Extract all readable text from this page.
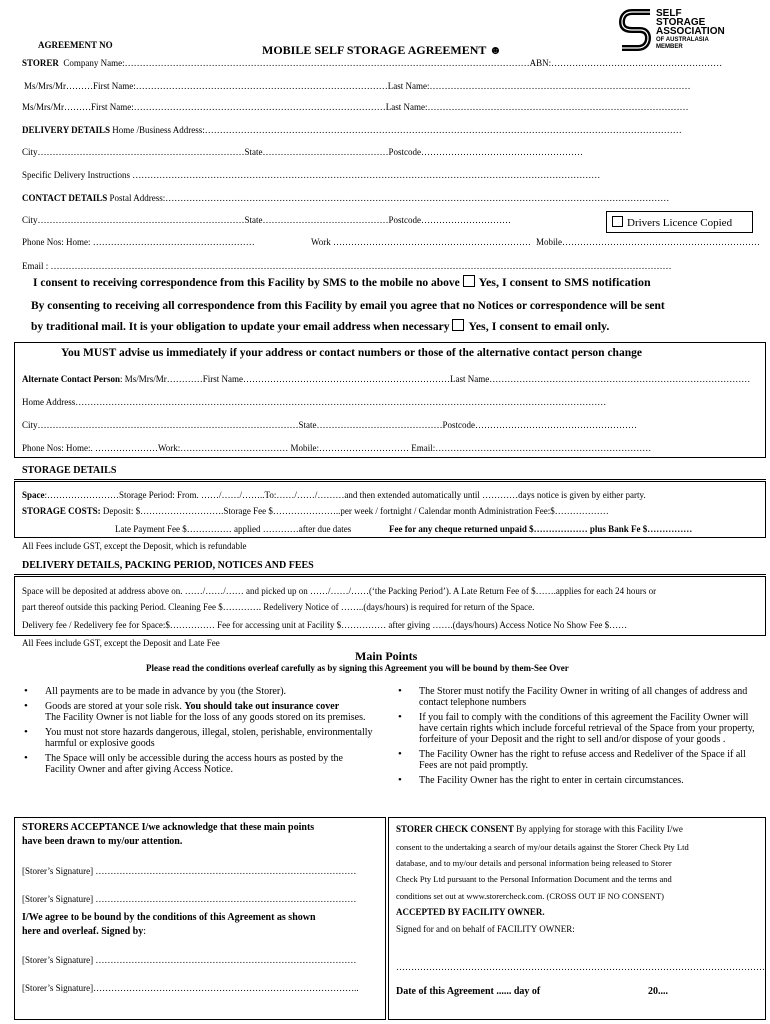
AGREEMENT NO	MOBILE SELF STORAGE AGREEMENT ☻
SELF
STORAGE
ASSOCIATION
OF AUSTRALASIA
MEMBER
STORER Company Name:………………………………………………………………………………………………………………………ABN:…………………………………………………
Ms/Mrs/Mr………First Name:…………………………………………………………………………Last Name:……………………………………………………………………………
Ms/Mrs/Mr………First Name:…………………………………………………………………………Last Name:……………………………………………………………………………
DELIVERY DETAILS Home /Business Address:……………………………………………………………………………………………………………………………………………
City……………………………………………………………State……………………………………Postcode………………………………………………
Specific Delivery Instructions …………………………………………………………………………………………………………………………………………
CONTACT DETAILS Postal Address:……………………………………………………………………………………………………………………………………………………
City……………………………………………………………State……………………………………Postcode…………………………	Drivers Licence Copied
Phone Nos: Home: ………………………………………………	Work ………………………………………………………… Mobile…………………………………………………………
Email : ………………………………………………………………………………………………………………………………………………………………………………………
I consent to receiving correspondence from this Facility by SMS to the mobile no above Yes, I consent to SMS notification
By consenting to receiving all correspondence from this Facility by email you agree that no Notices or correspondence will be sent
by traditional mail. It is your obligation to update your email address when necessary Yes, I consent to email only.
You MUST advise us immediately if your address or contact numbers or those of the alternative contact person change
Alternate Contact Person: Ms/Mrs/Mr…………First Name……………………………………………………………Last Name……………………………………………………………………………
Home Address……………………………………………………………………………………………………………………………………………………………
City……………………………………………………………………………State……………………………………Postcode………………………………………………
Phone Nos: Home:. …………………Work:……………………………… Mobile:………………………… Email:………………………………………………………………
STORAGE DETAILS
Space:……………………Storage Period: From. ……/……/……..To:……/……/………and then extended automatically until …………days notice is given by either party.
STORAGE COSTS: Deposit: $……………………….Storage Fee $…………………..per week / fortnight / Calendar month Administration Fee:$………………
Late Payment Fee $…………… applied …………after due dates	Fee for any cheque returned unpaid $……………… plus Bank Fe $……………
All Fees include GST, except the Deposit, which is refundable
DELIVERY DETAILS, PACKING PERIOD, NOTICES AND FEES
Space will be deposited at address above on. ……/……/…… and picked up on ……/……/……(‘the Packing Period’). A Late Return Fee of $…….applies for each 24 hours or
part thereof outside this packing Period. Cleaning Fee $…………. Redelivery Notice of ……..(days/hours) is required for return of the Space.
Delivery fee / Redelivery fee for Space:$…………… Fee for accessing unit at Facility $…………… after giving …….(days/hours) Access Notice No Show Fee $……
All Fees include GST, except the Deposit and Late Fee
Main Points
Please read the conditions overleaf carefully as by signing this Agreement you will be bound by them-See Over
• All payments are to be made in advance by you (the Storer).
• Goods are stored at your sole risk. You should take out insurance cover
The Facility Owner is not liable for the loss of any goods stored on its premises.
• You must not store hazards dangerous, illegal, stolen, perishable, environmentally harmful or explosive goods
• The Space will only be accessible during the access hours as posted by the Facility Owner and after giving Access Notice.
• The Storer must notify the Facility Owner in writing of all changes of address and contact telephone numbers
• If you fail to comply with the conditions of this agreement the Facility Owner will have certain rights which include forceful retrieval of the Space from your property, forfeiture of your Deposit and the right to sell and/or dispose of your goods .
• The Facility Owner has the right to refuse access and Redeliver of the Space if all Fees are not paid promptly.
• The Facility Owner has the right to enter in certain circumstances.
STORERS ACCEPTANCE I/we acknowledge that these main points
have been drawn to my/our attention.
[Storer’s Signature] ……………………………………………………………………………
[Storer’s Signature] ……………………………………………………………………………
I/We agree to be bound by the conditions of this Agreement as shown
here and overleaf. Signed by:
[Storer’s Signature] ……………………………………………………………………………
[Storer’s Signature]……………………………………………………………………………..
STORER CHECK CONSENT By applying for storage with this Facility I/we
consent to the undertaking a search of my/our details against the Storer Check Pty Ltd
database, and to my/our details and personal information being released to Storer
Check Pty Ltd pursuant to the Personal Information Document and the terms and
conditions set out at www.storercheck.com. (CROSS OUT IF NO CONSENT)
ACCEPTED BY FACILITY OWNER.
Signed for and on behalf of FACILITY OWNER:
……………………………………………………………………………………………………………
Date of this Agreement ...... day of	20....
